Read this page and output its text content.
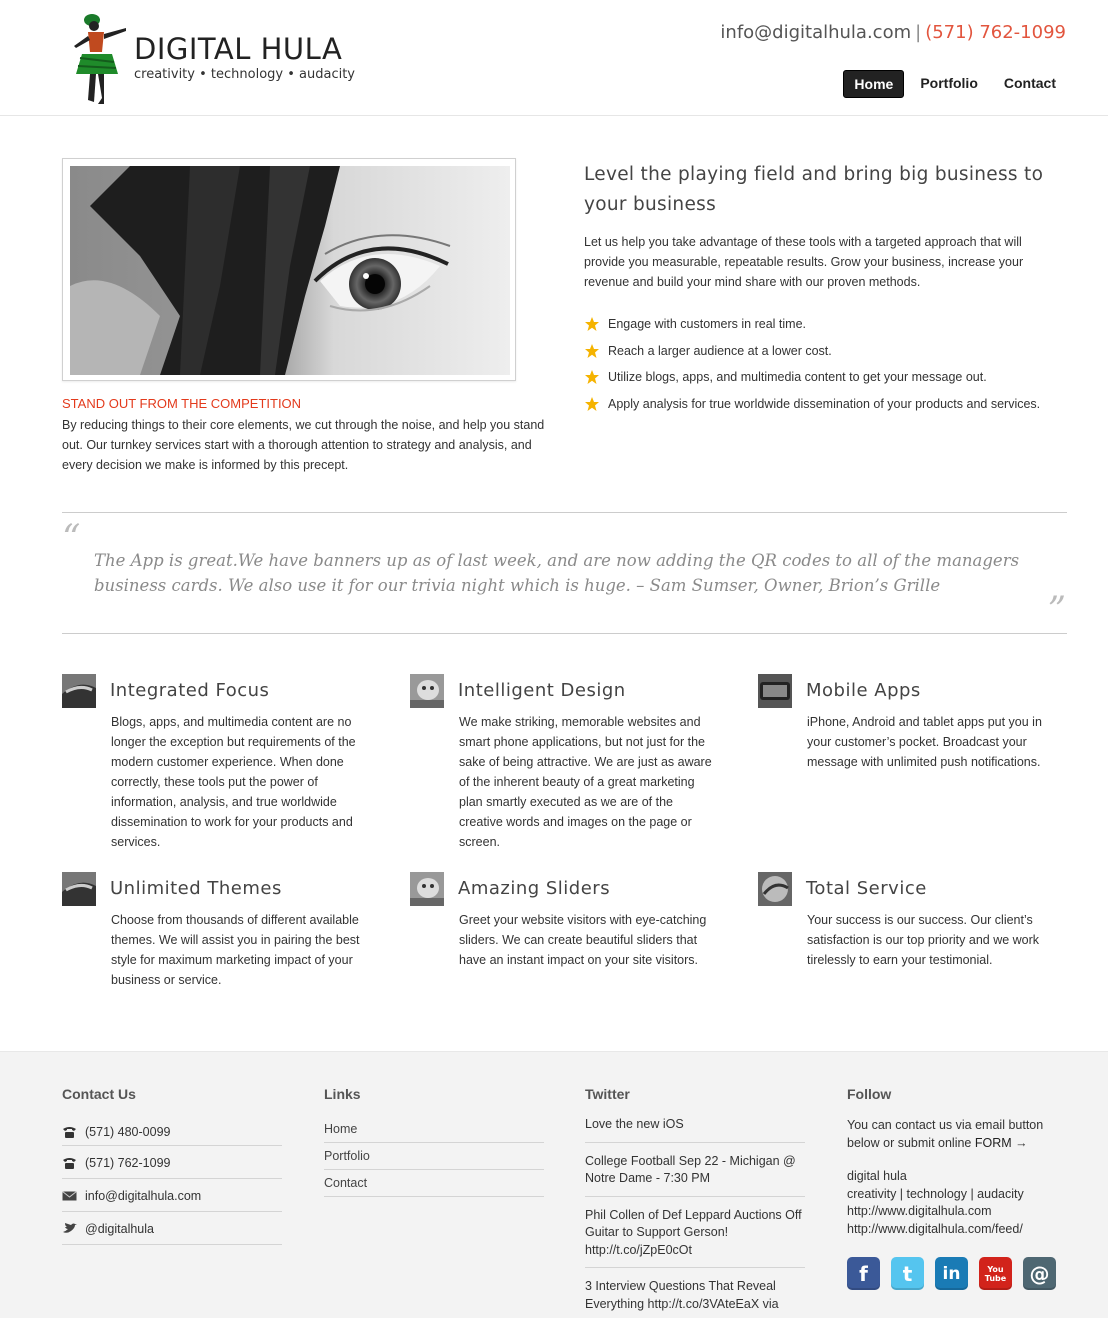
DIGITAL HULA
creativity • technology • audacity
info@digitalhula.com | (571) 762-1099
Home	Portfolio	Contact
STAND OUT FROM THE COMPETITION
By reducing things to their core elements, we cut through the noise, and help you stand out. Our turnkey services start with a thorough attention to strategy and analysis, and every decision we make is informed by this precept.
Level the playing field and bring big business to your business
Let us help you take advantage of these tools with a targeted approach that will provide you measurable, repeatable results. Grow your business, increase your revenue and build your mind share with our proven methods.
Engage with customers in real time.
Reach a larger audience at a lower cost.
Utilize blogs, apps, and multimedia content to get your message out.
Apply analysis for true worldwide dissemination of your products and services.
“
The App is great.We have banners up as of last week, and are now adding the QR codes to all of the managers business cards. We also use it for our trivia night which is huge. – Sam Sumser, Owner, Brion’s Grille
”
Integrated Focus
Blogs, apps, and multimedia content are no longer the exception but requirements of the modern customer experience. When done correctly, these tools put the power of information, analysis, and true worldwide dissemination to work for your products and services.
Intelligent Design
We make striking, memorable websites and smart phone applications, but not just for the sake of being attractive. We are just as aware of the inherent beauty of a great marketing plan smartly executed as we are of the creative words and images on the page or screen.
Mobile Apps
iPhone, Android and tablet apps put you in your customer’s pocket. Broadcast your message with unlimited push notifications.
Unlimited Themes
Choose from thousands of different available themes. We will assist you in pairing the best style for maximum marketing impact of your business or service.
Amazing Sliders
Greet your website visitors with eye-catching sliders. We can create beautiful sliders that have an instant impact on your site visitors.
Total Service
Your success is our success. Our client’s satisfaction is our top priority and we work tirelessly to earn your testimonial.
Contact Us
(571) 480-0099
(571) 762-1099
info@digitalhula.com
@digitalhula
Links
Home
Portfolio
Contact
Twitter
Love the new iOS
College Football Sep 22 - Michigan @ Notre Dame - 7:30 PM
Phil Collen of Def Leppard Auctions Off Guitar to Support Gerson! http://t.co/jZpE0cOt
3 Interview Questions That Reveal Everything http://t.co/3VAteEaX via
Follow

You can contact us via email button below or submit online FORM →

digital hula
creativity | technology | audacity
http://www.digitalhula.com
http://www.digitalhula.com/feed/
f	t	in	You Tube	@
